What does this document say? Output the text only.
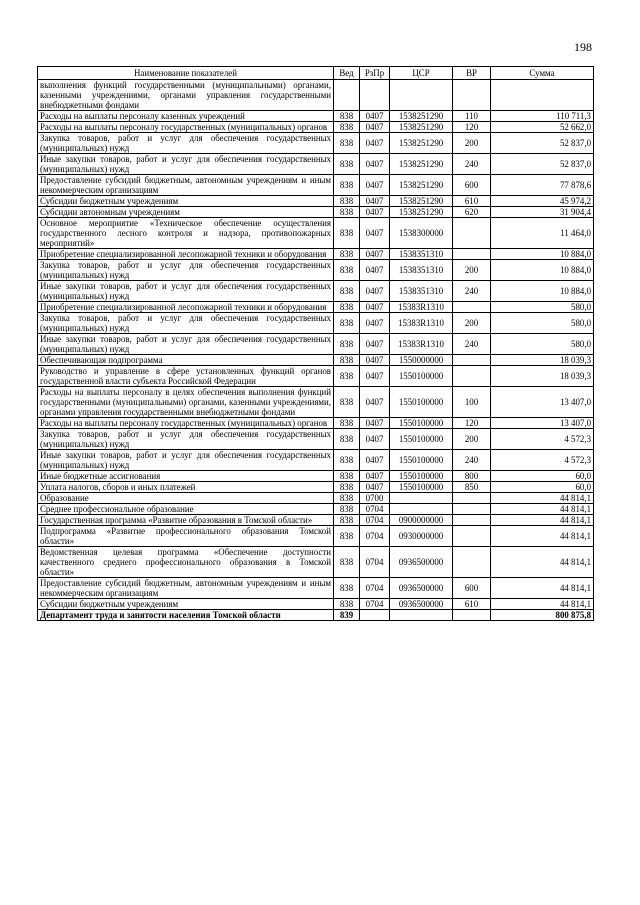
198
Наименование показателей	Вед	РзПр	ЦСР	ВР	Сумма
выполнения функций государственными (муниципальными) органами, казенными учреждениями, органами управления государственными внебюджетными фондами					
Расходы на выплаты персоналу казенных учреждений	838	0407	1538251290	110	110 711,3
Расходы на выплаты персоналу государственных (муниципальных) органов	838	0407	1538251290	120	52 662,0
Закупка товаров, работ и услуг для обеспечения государственных (муниципальных) нужд	838	0407	1538251290	200	52 837,0
Иные закупки товаров, работ и услуг для обеспечения государственных (муниципальных) нужд	838	0407	1538251290	240	52 837,0
Предоставление субсидий бюджетным, автономным учреждениям и иным некоммерческим организациям	838	0407	1538251290	600	77 878,6
Субсидии бюджетным учреждениям	838	0407	1538251290	610	45 974,2
Субсидии автономным учреждениям	838	0407	1538251290	620	31 904,4
Основное мероприятие «Техническое обеспечение осуществления государственного лесного контроля и надзора, противопожарных мероприятий»	838	0407	1538300000		11 464,0
Приобретение специализированной лесопожарной техники и оборудования	838	0407	1538351310		10 884,0
Закупка товаров, работ и услуг для обеспечения государственных (муниципальных) нужд	838	0407	1538351310	200	10 884,0
Иные закупки товаров, работ и услуг для обеспечения государственных (муниципальных) нужд	838	0407	1538351310	240	10 884,0
Приобретение специализированной лесопожарной техники и оборудования	838	0407	15383R1310		580,0
Закупка товаров, работ и услуг для обеспечения государственных (муниципальных) нужд	838	0407	15383R1310	200	580,0
Иные закупки товаров, работ и услуг для обеспечения государственных (муниципальных) нужд	838	0407	15383R1310	240	580,0
Обеспечивающая подпрограмма	838	0407	1550000000		18 039,3
Руководство и управление в сфере установленных функций органов государственной власти субъекта Российской Федерации	838	0407	1550100000		18 039,3
Расходы на выплаты персоналу в целях обеспечения выполнения функций государственными (муниципальными) органами, казенными учреждениями, органами управления государственными внебюджетными фондами	838	0407	1550100000	100	13 407,0
Расходы на выплаты персоналу государственных (муниципальных) органов	838	0407	1550100000	120	13 407,0
Закупка товаров, работ и услуг для обеспечения государственных (муниципальных) нужд	838	0407	1550100000	200	4 572,3
Иные закупки товаров, работ и услуг для обеспечения государственных (муниципальных) нужд	838	0407	1550100000	240	4 572,3
Иные бюджетные ассигнования	838	0407	1550100000	800	60,0
Уплата налогов, сборов и иных платежей	838	0407	1550100000	850	60,0
Образование	838	0700			44 814,1
Среднее профессиональное образование	838	0704			44 814,1
Государственная программа «Развитие образования в Томской области»	838	0704	0900000000		44 814,1
Подпрограмма «Развитие профессионального образования Томской области»	838	0704	0930000000		44 814,1
Ведомственная целевая программа «Обеспечение доступности качественного среднего профессионального образования в Томской области»	838	0704	0936500000		44 814,1
Предоставление субсидий бюджетным, автономным учреждениям и иным некоммерческим организациям	838	0704	0936500000	600	44 814,1
Субсидии бюджетным учреждениям	838	0704	0936500000	610	44 814,1
Департамент труда и занятости населения Томской области	839				800 875,8
